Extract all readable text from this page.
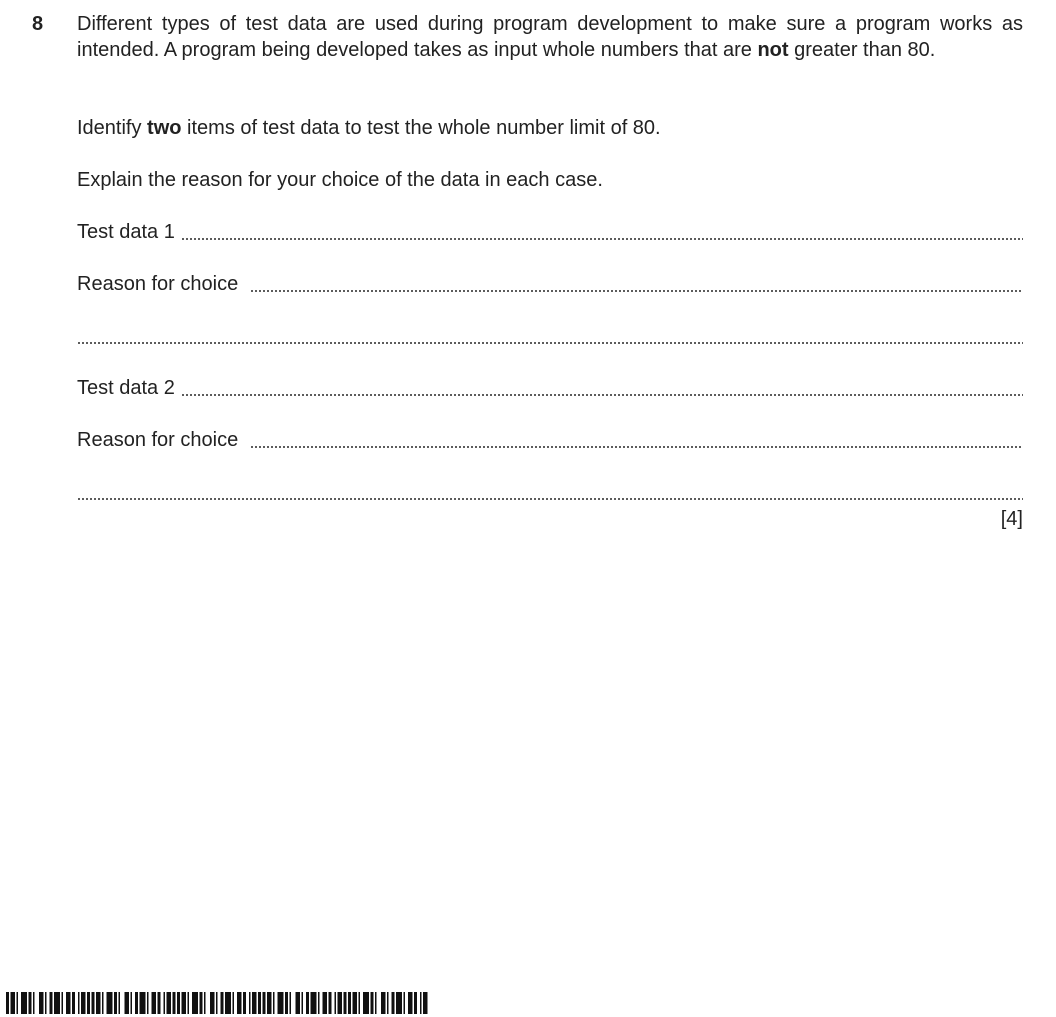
8 Different types of test data are used during program development to make sure a program works as intended. A program being developed takes as input whole numbers that are not greater than 80.
Identify two items of test data to test the whole number limit of 80.
Explain the reason for your choice of the data in each case.
Test data 1
Reason for choice
Test data 2
Reason for choice
[4]
